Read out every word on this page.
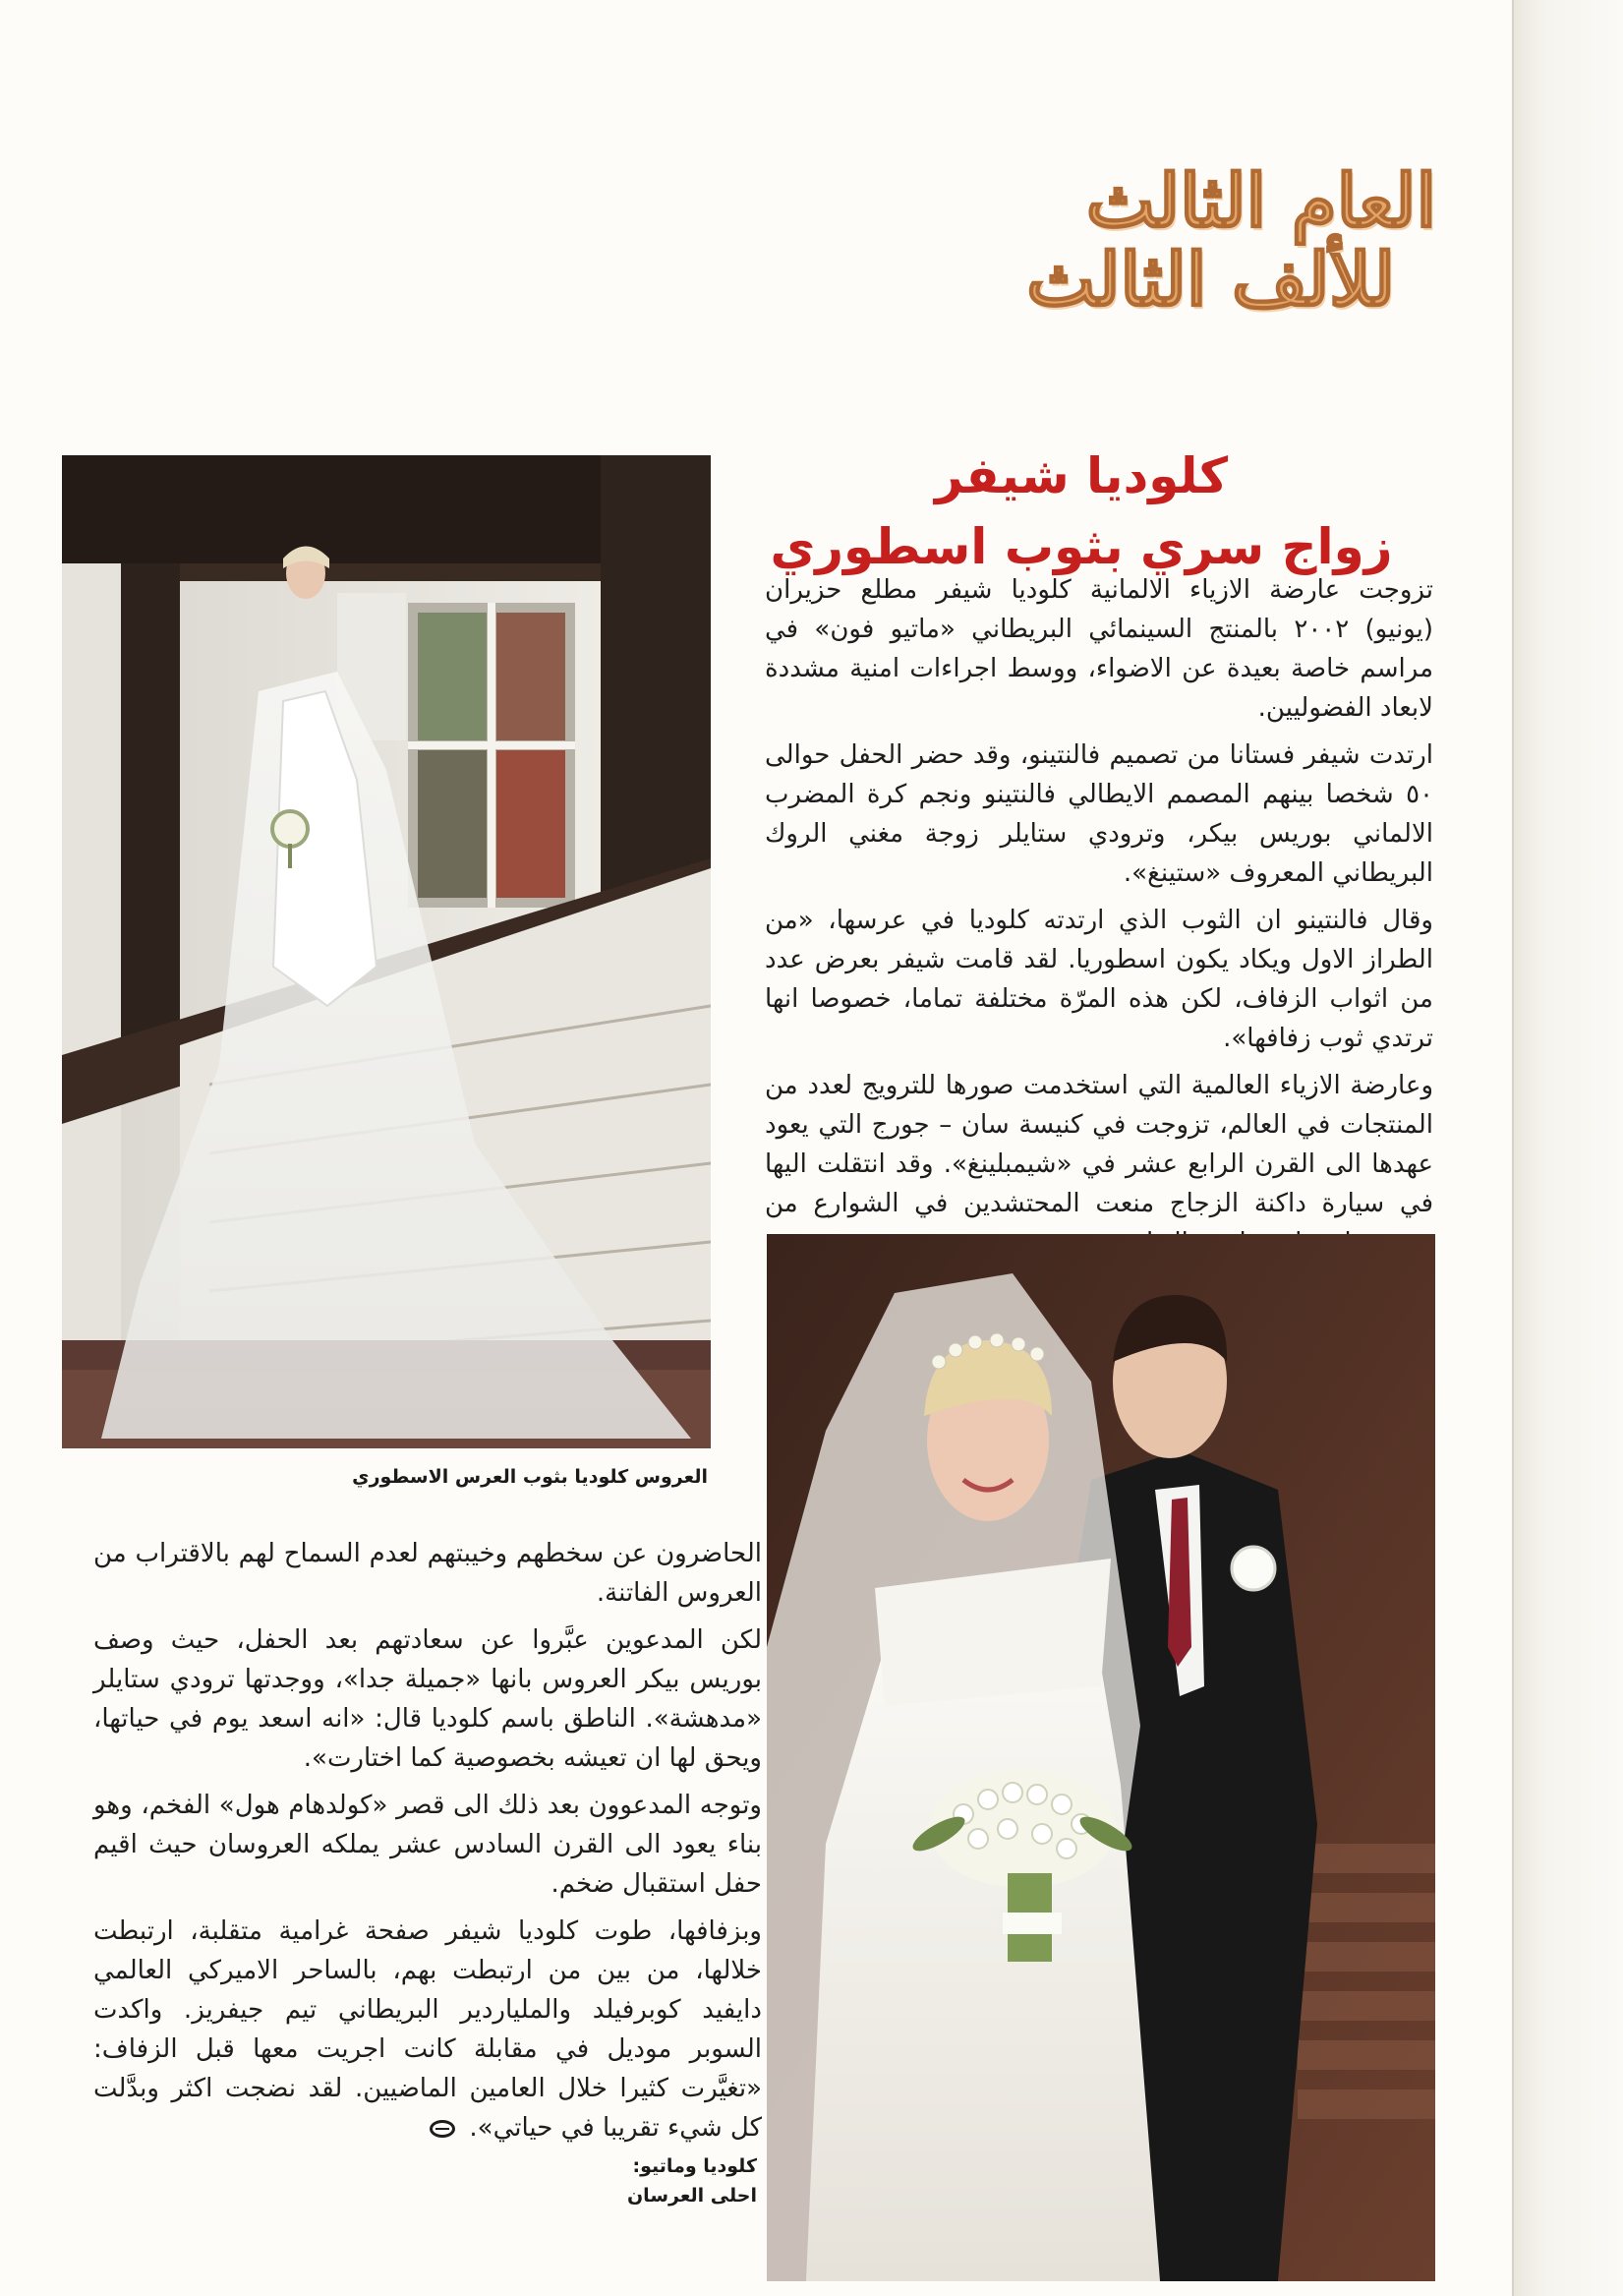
العام الثالث
للألف الثالث

العروس كلوديا بثوب العرس الاسطوري

كلوديا شيفر
زواج سري بثوب اسطوري

تزوجت عارضة الازياء الالمانية كلوديا شيفر مطلع حزيران (يونيو) ٢٠٠٢ بالمنتج السينمائي البريطاني «ماتيو فون» في مراسم خاصة بعيدة عن الاضواء، ووسط اجراءات امنية مشددة لابعاد الفضوليين.

ارتدت شيفر فستانا من تصميم فالنتينو، وقد حضر الحفل حوالى ٥٠ شخصا بينهم المصمم الايطالي فالنتينو ونجم كرة المضرب الالماني بوريس بيكر، وترودي ستايلر زوجة مغني الروك البريطاني المعروف «ستينغ».

وقال فالنتينو ان الثوب الذي ارتدته كلوديا في عرسها، «من الطراز الاول ويكاد يكون اسطوريا. لقد قامت شيفر بعرض عدد من اثواب الزفاف، لكن هذه المرّة مختلفة تماما، خصوصا انها ترتدي ثوب زفافها».

وعارضة الازياء العالمية التي استخدمت صورها للترويج لعدد من المنتجات في العالم، تزوجت في كنيسة سان – جورج التي يعود عهدها الى القرن الرابع عشر في «شيمبلينغ». وقد انتقلت اليها في سيارة داكنة الزجاج منعت المحتشدين في الشوارع من

الحاضرون عن سخطهم وخيبتهم لعدم السماح لهم بالاقتراب من العروس الفاتنة.

لكن المدعوين عبَّروا عن سعادتهم بعد الحفل، حيث وصف بوريس بيكر العروس بانها «جميلة جدا»، ووجدتها ترودي ستايلر «مدهشة». الناطق باسم كلوديا قال: «انه اسعد يوم في حياتها، ويحق لها ان تعيشه بخصوصية كما اختارت».

وتوجه المدعوون بعد ذلك الى قصر «كولدهام هول» الفخم، وهو بناء يعود الى القرن السادس عشر يملكه العروسان حيث اقيم حفل استقبال ضخم.

وبزفافها، طوت كلوديا شيفر صفحة غرامية متقلبة، ارتبطت خلالها، من بين من ارتبطت بهم، بالساحر الاميركي العالمي دايفيد كوبرفيلد والملياردير البريطاني تيم جيفريز. واكدت السوبر موديل في مقابلة كانت اجريت معها قبل الزفاف: «تغيَّرت كثيرا خلال العامين الماضيين. لقد نضجت اكثر وبدَّلت كل شيء تقريبا في حياتي».

كلوديا وماتيو:
احلى العرسان
